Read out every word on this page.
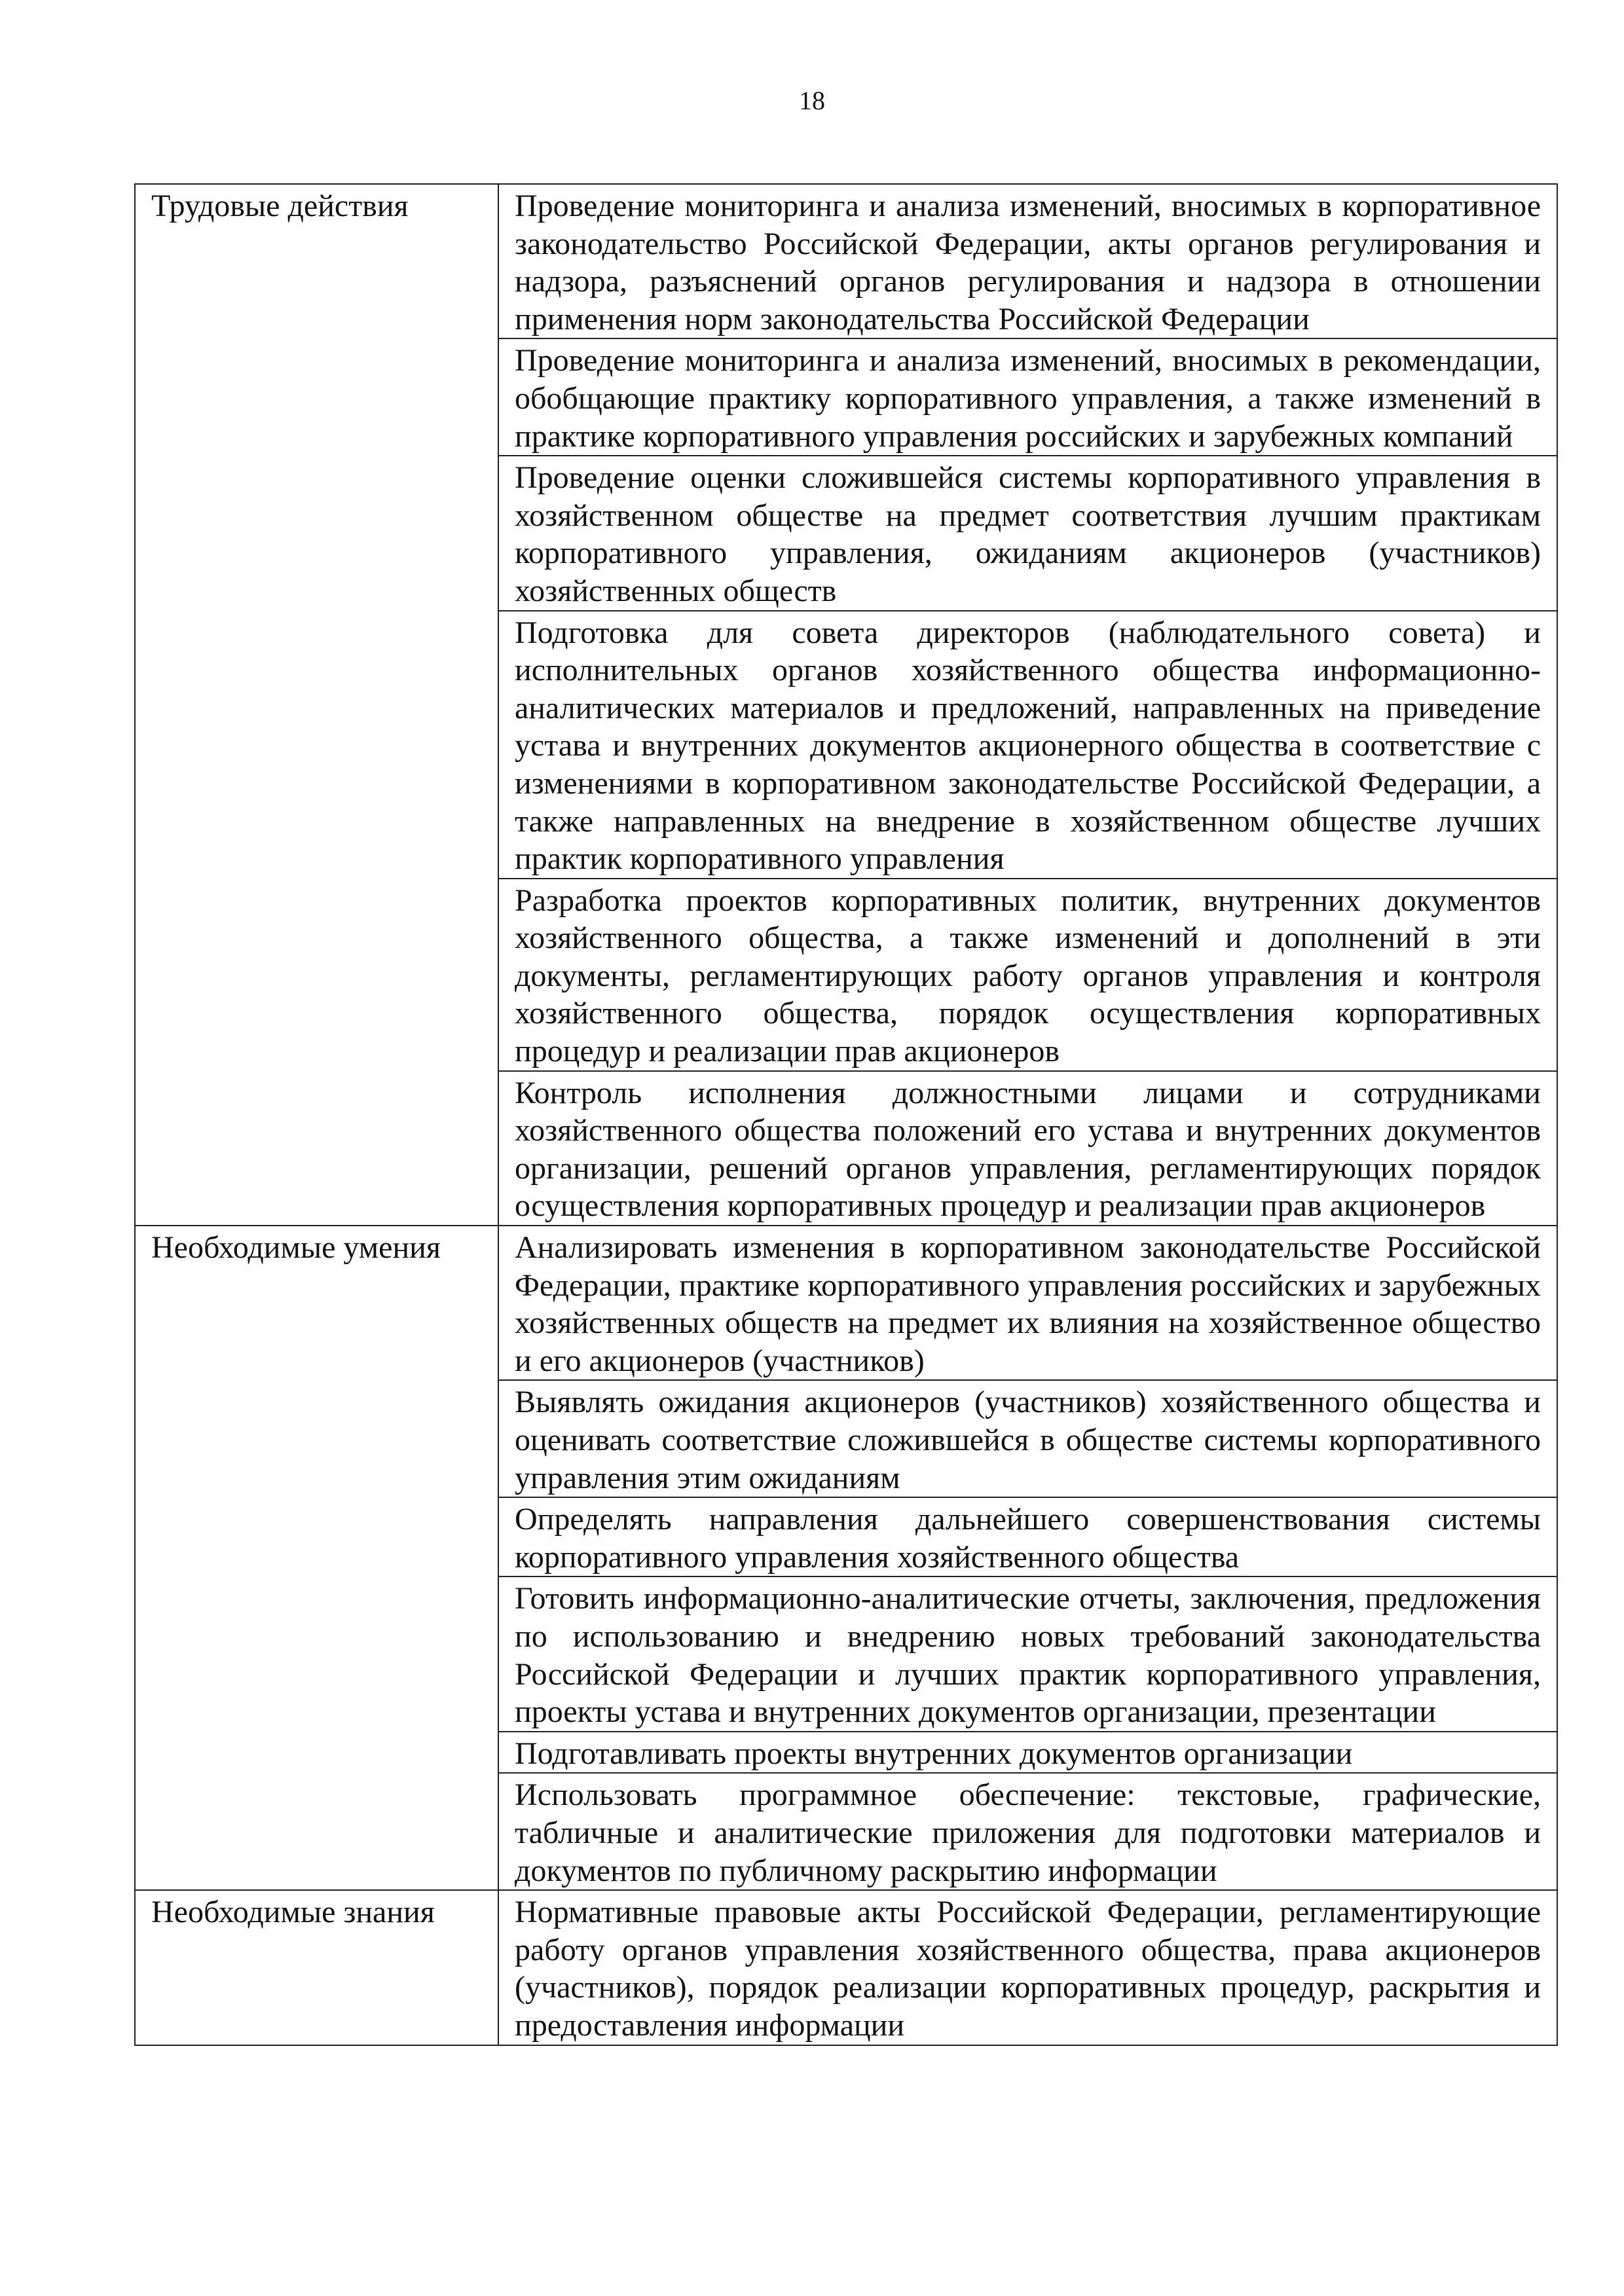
18
Трудовые действия	Проведение мониторинга и анализа изменений, вносимых в корпоративное законодательство Российской Федерации, акты органов регулирования и надзора, разъяснений органов регулирования и надзора в отношении применения норм законодательства Российской Федерации
	Проведение мониторинга и анализа изменений, вносимых в рекомендации, обобщающие практику корпоративного управления, а также изменений в практике корпоративного управления российских и зарубежных компаний
	Проведение оценки сложившейся системы корпоративного управления в хозяйственном обществе на предмет соответствия лучшим практикам корпоративного управления, ожиданиям акционеров (участников) хозяйственных обществ
	Подготовка для совета директоров (наблюдательного совета) и исполнительных органов хозяйственного общества информационно-аналитических материалов и предложений, направленных на приведение устава и внутренних документов акционерного общества в соответствие с изменениями в корпоративном законодательстве Российской Федерации, а также направленных на внедрение в хозяйственном обществе лучших практик корпоративного управления
	Разработка проектов корпоративных политик, внутренних документов хозяйственного общества, а также изменений и дополнений в эти документы, регламентирующих работу органов управления и контроля хозяйственного общества, порядок осуществления корпоративных процедур и реализации прав акционеров
	Контроль исполнения должностными лицами и сотрудниками хозяйственного общества положений его устава и внутренних документов организации, решений органов управления, регламентирующих порядок осуществления корпоративных процедур и реализации прав акционеров
Необходимые умения	Анализировать изменения в корпоративном законодательстве Российской Федерации, практике корпоративного управления российских и зарубежных хозяйственных обществ на предмет их влияния на хозяйственное общество и его акционеров (участников)
	Выявлять ожидания акционеров (участников) хозяйственного общества и оценивать соответствие сложившейся в обществе системы корпоративного управления этим ожиданиям
	Определять направления дальнейшего совершенствования системы корпоративного управления хозяйственного общества
	Готовить информационно-аналитические отчеты, заключения, предложения по использованию и внедрению новых требований законодательства Российской Федерации и лучших практик корпоративного управления, проекты устава и внутренних документов организации, презентации
	Подготавливать проекты внутренних документов организации
	Использовать программное обеспечение: текстовые, графические, табличные и аналитические приложения для подготовки материалов и документов по публичному раскрытию информации
Необходимые знания	Нормативные правовые акты Российской Федерации, регламентирующие работу органов управления хозяйственного общества, права акционеров (участников), порядок реализации корпоративных процедур, раскрытия и предоставления информации
